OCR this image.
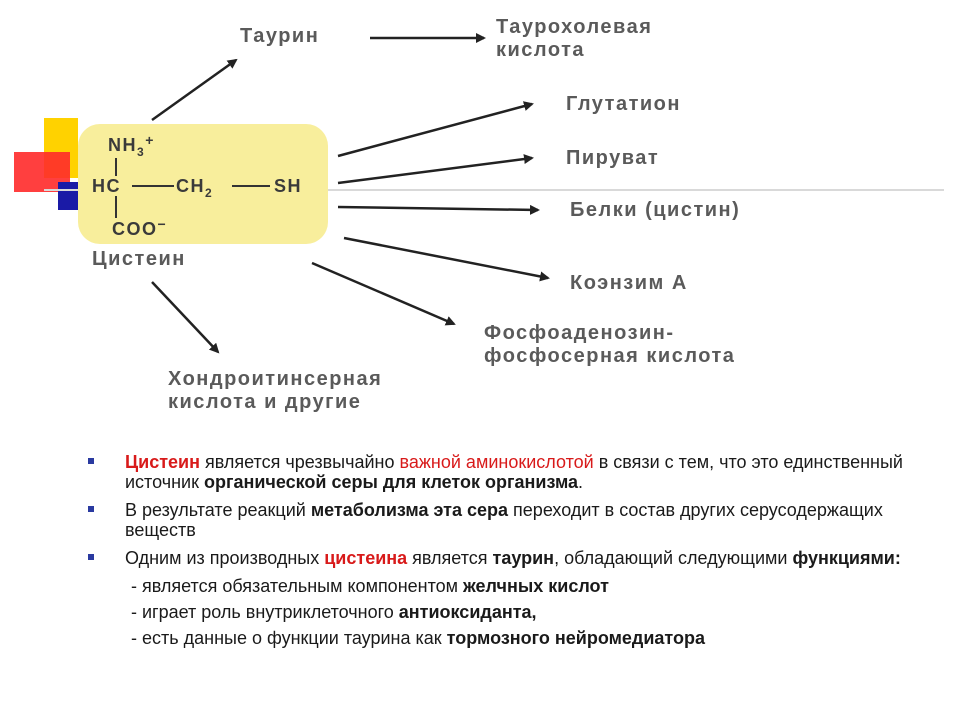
$NH_3^+$
HC	$CH_2$	SH
COO−
Цистеин
Таурин	Таурохолевая
кислота
Глутатион
Пируват
Белки (цистин)
Коэнзим А
Фосфоаденозин-
фосфосерная кислота
Хондроитинсерная
кислота и другие
Цистеин является чрезвычайно важной аминокислотой в связи с тем, что это единственный источник органической серы для клеток организма.
В результате реакций метаболизма эта сера переходит в состав других серусодержащих веществ
Одним из производных цистеина является таурин, обладающий следующими функциями:
- является обязательным компонентом желчных кислот
- играет роль внутриклеточного антиоксиданта,
- есть данные о функции таурина как тормозного нейромедиатора
